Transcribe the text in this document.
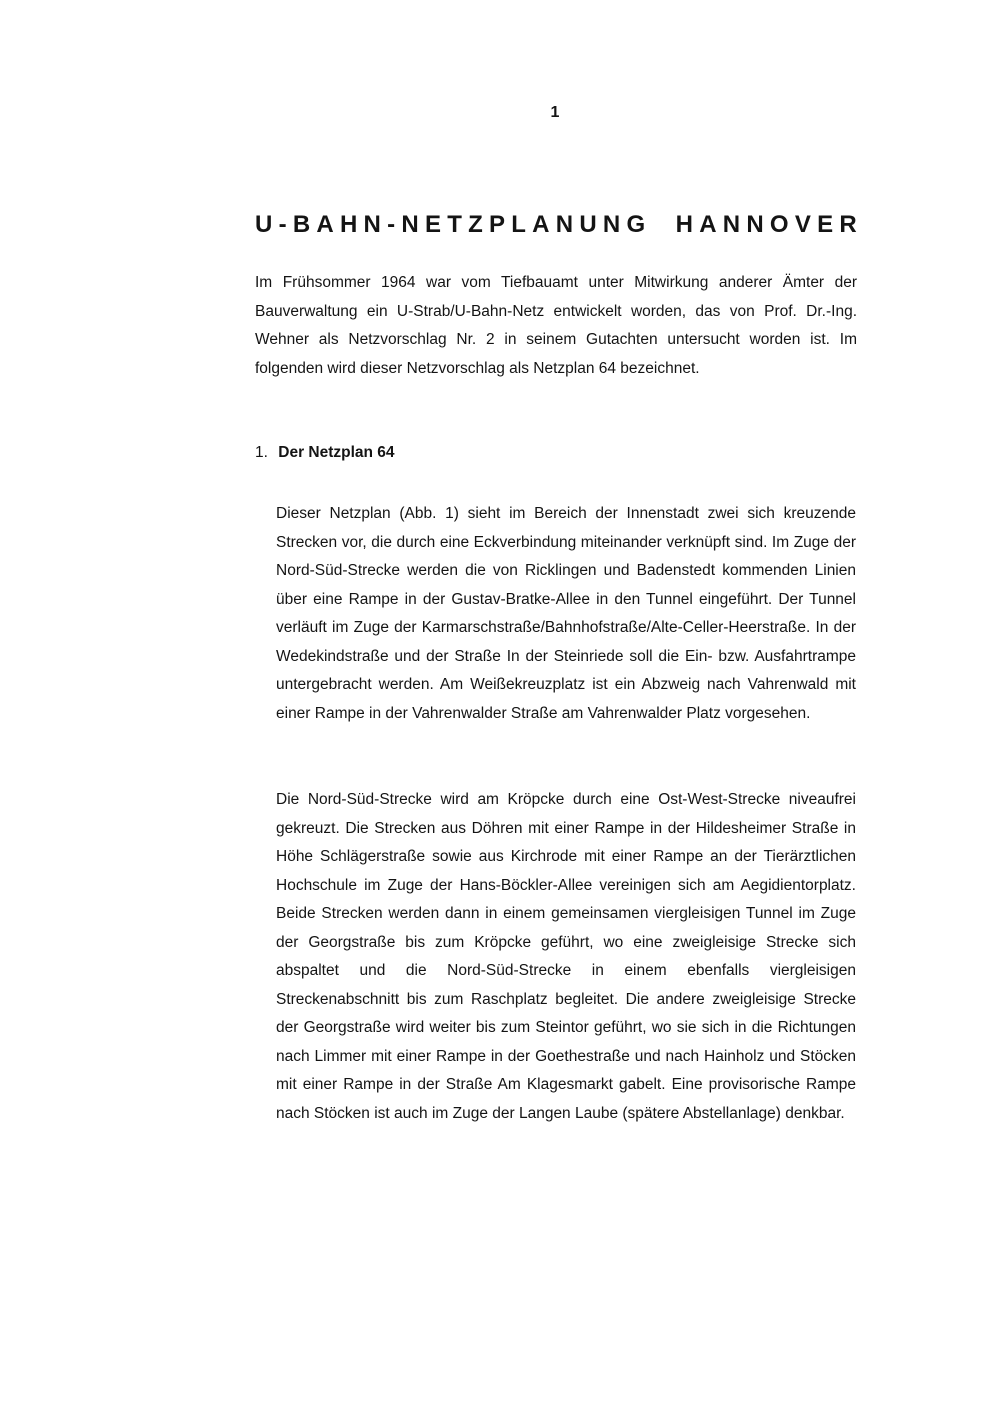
1
U - B A H N - N E T Z P L A N U N G
H A N N O V E R

Im Frühsommer 1964 war vom Tiefbauamt unter Mitwirkung anderer Ämter der Bauverwaltung ein U-Strab/U-Bahn-Netz entwickelt worden, das von Prof. Dr.-Ing. Wehner als Netzvorschlag Nr. 2 in seinem Gutachten untersucht worden ist. Im folgenden wird dieser Netzvorschlag als Netzplan 64 bezeichnet.

1. Der Netzplan 64

Dieser Netzplan (Abb. 1) sieht im Bereich der Innenstadt zwei sich kreuzende Strecken vor, die durch eine Eckverbindung miteinander verknüpft sind. Im Zuge der Nord-Süd-Strecke werden die von Ricklingen und Badenstedt kommenden Linien über eine Rampe in der Gustav-Bratke-Allee in den Tunnel eingeführt. Der Tunnel verläuft im Zuge der Karmarschstraße/Bahnhofstraße/Alte-Celler-Heerstraße. In der Wedekindstraße und der Straße In der Steinriede soll die Ein- bzw. Ausfahrtrampe untergebracht werden. Am Weißekreuzplatz ist ein Abzweig nach Vahrenwald mit einer Rampe in der Vahrenwalder Straße am Vahrenwalder Platz vorgesehen.

Die Nord-Süd-Strecke wird am Kröpcke durch eine Ost-West-Strecke niveaufrei gekreuzt. Die Strecken aus Döhren mit einer Rampe in der Hildesheimer Straße in Höhe Schlägerstraße sowie aus Kirchrode mit einer Rampe an der Tierärztlichen Hochschule im Zuge der Hans-Böckler-Allee vereinigen sich am Aegidientorplatz. Beide Strecken werden dann in einem gemeinsamen viergleisigen Tunnel im Zuge der Georgstraße bis zum Kröpcke geführt, wo eine zweigleisige Strecke sich abspaltet und die Nord-Süd-Strecke in einem ebenfalls viergleisigen Streckenabschnitt bis zum Raschplatz begleitet. Die andere zweigleisige Strecke der Georgstraße wird weiter bis zum Steintor geführt, wo sie sich in die Richtungen nach Limmer mit einer Rampe in der Goethestraße und nach Hainholz und Stöcken mit einer Rampe in der Straße Am Klagesmarkt gabelt. Eine provisorische Rampe nach Stöcken ist auch im Zuge der Langen Laube (spätere Abstellanlage) denkbar.
